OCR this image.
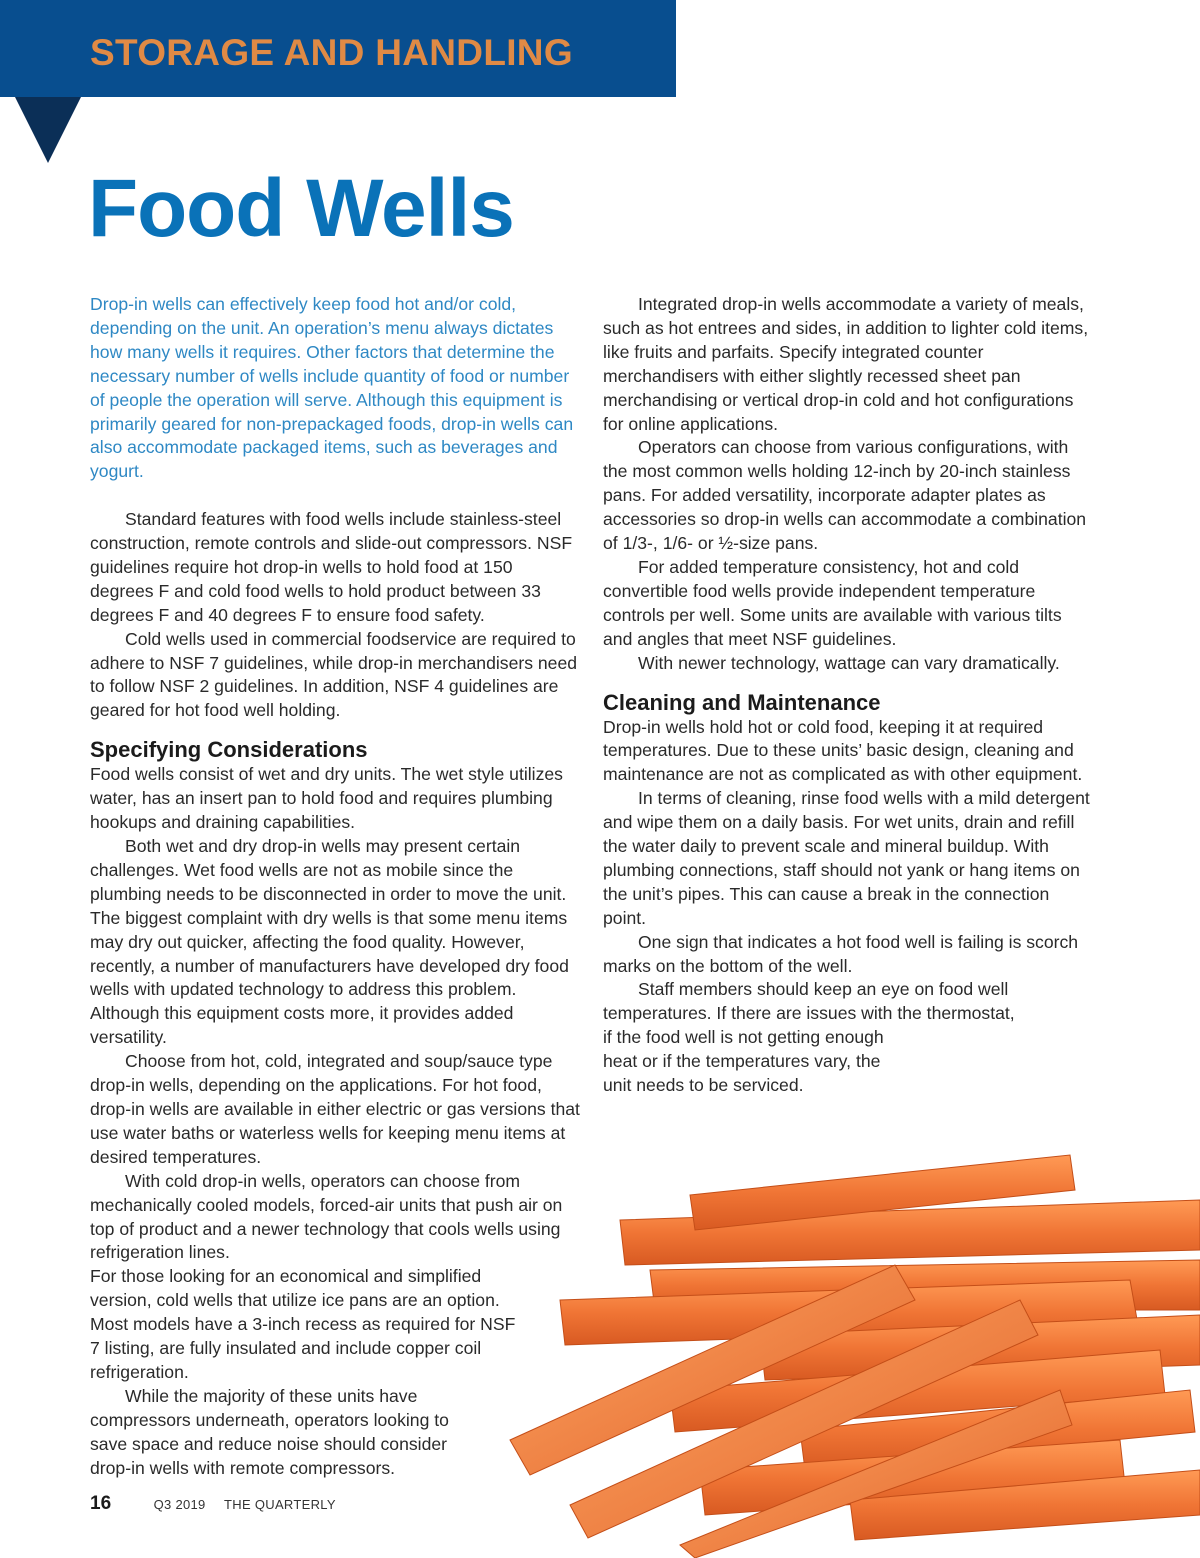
STORAGE AND HANDLING
Food Wells

Drop-in wells can effectively keep food hot and/or cold, depending on the unit. An operation’s menu always dictates how many wells it requires. Other factors that determine the necessary number of wells include quantity of food or number of people the operation will serve. Although this equipment is primarily geared for non-prepackaged foods, drop-in wells can also accommodate packaged items, such as beverages and yogurt.

Standard features with food wells include stainless-steel construction, remote controls and slide-out compressors. NSF guidelines require hot drop-in wells to hold food at 150 degrees F and cold food wells to hold product between 33 degrees F and 40 degrees F to ensure food safety.

Cold wells used in commercial foodservice are required to adhere to NSF 7 guidelines, while drop-in merchandisers need to follow NSF 2 guidelines. In addition, NSF 4 guidelines are geared for hot food well holding.

Specifying Considerations

Food wells consist of wet and dry units. The wet style utilizes water, has an insert pan to hold food and requires plumbing hookups and draining capabilities.

Both wet and dry drop-in wells may present certain challenges. Wet food wells are not as mobile since the plumbing needs to be disconnected in order to move the unit. The biggest complaint with dry wells is that some menu items may dry out quicker, affecting the food quality. However, recently, a number of manufacturers have developed dry food wells with updated technology to address this problem. Although this equipment costs more, it provides added versatility.

Choose from hot, cold, integrated and soup/sauce type drop-in wells, depending on the applications. For hot food, drop-in wells are available in either electric or gas versions that use water baths or waterless wells for keeping menu items at desired temperatures.

With cold drop-in wells, operators can choose from mechanically cooled models, forced-air units that push air on top of product and a newer technology that cools wells using refrigeration lines.

For those looking for an economical and simplified version, cold wells that utilize ice pans are an option. Most models have a 3-inch recess as required for NSF 7 listing, are fully insulated and include copper coil refrigeration.

While the majority of these units have compressors underneath, operators looking to save space and reduce noise should consider drop-in wells with remote compressors.

Integrated drop-in wells accommodate a variety of meals, such as hot entrees and sides, in addition to lighter cold items, like fruits and parfaits. Specify integrated counter merchandisers with either slightly recessed sheet pan merchandising or vertical drop-in cold and hot configurations for online applications.

Operators can choose from various configurations, with the most common wells holding 12-inch by 20-inch stainless pans. For added versatility, incorporate adapter plates as accessories so drop-in wells can accommodate a combination of 1/3-, 1/6- or ½-size pans.

For added temperature consistency, hot and cold convertible food wells provide independent temperature controls per well. Some units are available with various tilts and angles that meet NSF guidelines.

With newer technology, wattage can vary dramatically.

Cleaning and Maintenance

Drop-in wells hold hot or cold food, keeping it at required temperatures. Due to these units’ basic design, cleaning and maintenance are not as complicated as with other equipment.

In terms of cleaning, rinse food wells with a mild detergent and wipe them on a daily basis. For wet units, drain and refill the water daily to prevent scale and mineral buildup. With plumbing connections, staff should not yank or hang items on the unit’s pipes. This can cause a break in the connection point.

One sign that indicates a hot food well is failing is scorch marks on the bottom of the well.

Staff members should keep an eye on food well temperatures. If there are issues with the thermostat,

if the food well is not getting enough heat or if the temperatures vary, the unit needs to be serviced.

16	Q3 2019 THE QUARTERLY
